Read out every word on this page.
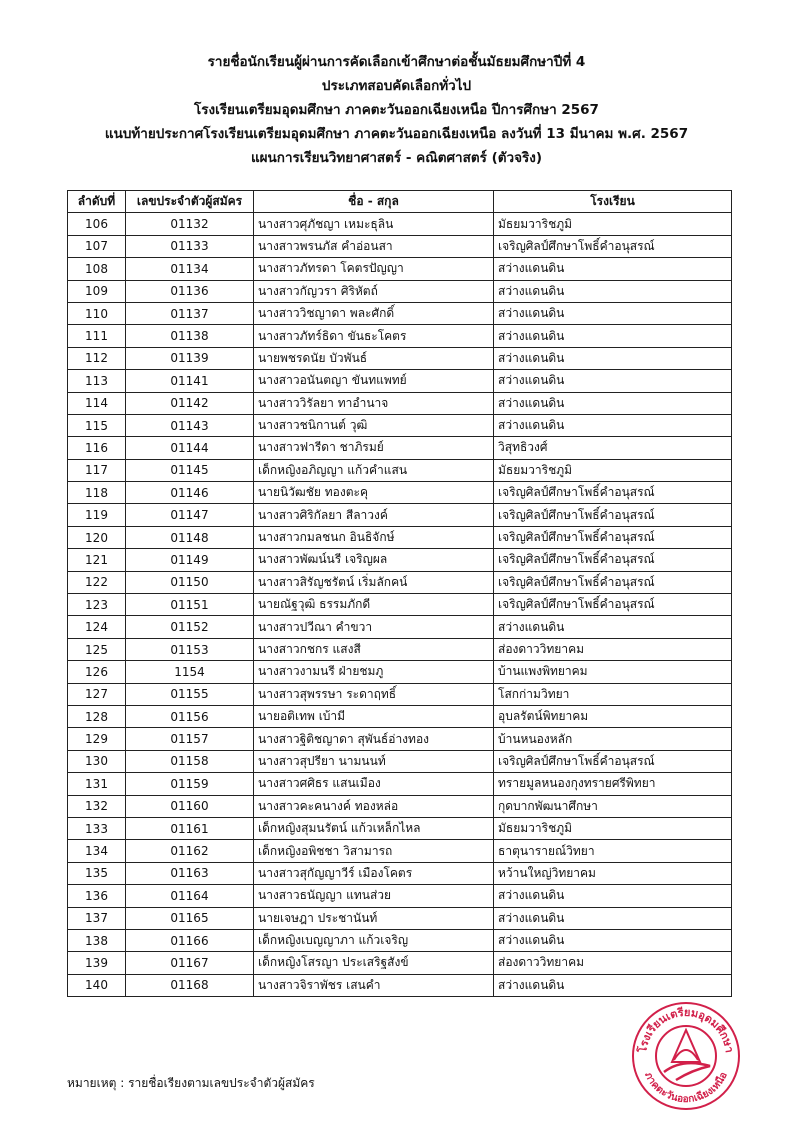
รายชื่อนักเรียนผู้ผ่านการคัดเลือกเข้าศึกษาต่อชั้นมัธยมศึกษาปีที่ 4
ประเภทสอบคัดเลือกทั่วไป
โรงเรียนเตรียมอุดมศึกษา ภาคตะวันออกเฉียงเหนือ ปีการศึกษา 2567
แนบท้ายประกาศโรงเรียนเตรียมอุดมศึกษา ภาคตะวันออกเฉียงเหนือ ลงวันที่ 13 มีนาคม พ.ศ. 2567
แผนการเรียนวิทยาศาสตร์ - คณิตศาสตร์ (ตัวจริง)
ลำดับที่	เลขประจำตัวผู้สมัคร	ชื่อ - สกุล	โรงเรียน
106	01132	นางสาวศุภัชญา เหมะธุลิน	มัธยมวาริชภูมิ
107	01133	นางสาวพรนภัส คำอ่อนสา	เจริญศิลป์ศึกษาโพธิ์คำอนุสรณ์
108	01134	นางสาวภัทรดา โคตรปัญญา	สว่างแดนดิน
109	01136	นางสาวกัญวรา ศิริหัตถ์	สว่างแดนดิน
110	01137	นางสาววิชญาดา พละศักดิ์	สว่างแดนดิน
111	01138	นางสาวภัทร์ธิดา ขันธะโคตร	สว่างแดนดิน
112	01139	นายพชรดนัย บัวพันธ์	สว่างแดนดิน
113	01141	นางสาวอนันตญา ขันทแพทย์	สว่างแดนดิน
114	01142	นางสาววิรัลยา ทาอำนาจ	สว่างแดนดิน
115	01143	นางสาวชนิกานต์ วุฒิ	สว่างแดนดิน
116	01144	นางสาวฟารีดา ชาภิรมย์	วิสุทธิวงศ์
117	01145	เด็กหญิงอภิญญา แก้วคำแสน	มัธยมวาริชภูมิ
118	01146	นายนิวัฒชัย ทองตะคุ	เจริญศิลป์ศึกษาโพธิ์คำอนุสรณ์
119	01147	นางสาวศิริกัลยา สีลาวงค์	เจริญศิลป์ศึกษาโพธิ์คำอนุสรณ์
120	01148	นางสาวกมลชนก อินธิจักษ์	เจริญศิลป์ศึกษาโพธิ์คำอนุสรณ์
121	01149	นางสาวพัฒน์นรี เจริญผล	เจริญศิลป์ศึกษาโพธิ์คำอนุสรณ์
122	01150	นางสาวสิรัญชรัตน์ เริ่มลักคน์	เจริญศิลป์ศึกษาโพธิ์คำอนุสรณ์
123	01151	นายณัฐวุฒิ ธรรมภักดี	เจริญศิลป์ศึกษาโพธิ์คำอนุสรณ์
124	01152	นางสาวปวีณา คำขวา	สว่างแดนดิน
125	01153	นางสาวกชกร แสงสี	ส่องดาววิทยาคม
126	1154	นางสาวงามนรี ฝ่ายชมภู	บ้านแพงพิทยาคม
127	01155	นางสาวสุพรรษา ระดาฤทธิ์	โสกก่ามวิทยา
128	01156	นายอติเทพ เบ้ามี	อุบลรัตน์พิทยาคม
129	01157	นางสาวฐิติชญาดา สุพันธ์อ่างทอง	บ้านหนองหลัก
130	01158	นางสาวสุปรียา นามนนท์	เจริญศิลป์ศึกษาโพธิ์คำอนุสรณ์
131	01159	นางสาวศศิธร แสนเมือง	ทรายมูลหนองกุงทรายศรีพิทยา
132	01160	นางสาวคะคนางค์ ทองหล่อ	กุดบากพัฒนาศึกษา
133	01161	เด็กหญิงสุมนรัตน์ แก้วเหล็กไหล	มัธยมวาริชภูมิ
134	01162	เด็กหญิงอพิชชา วิสามารถ	ธาตุนารายณ์วิทยา
135	01163	นางสาวสุกัญญาวีร์ เมืองโคตร	หว้านใหญ่วิทยาคม
136	01164	นางสาวธนัญญา แทนส่วย	สว่างแดนดิน
137	01165	นายเจษฎา ประชานันท์	สว่างแดนดิน
138	01166	เด็กหญิงเบญญาภา แก้วเจริญ	สว่างแดนดิน
139	01167	เด็กหญิงโสรญา ประเสริฐสังข์	ส่องดาววิทยาคม
140	01168	นางสาวจิราพัชร เสนคำ	สว่างแดนดิน
หมายเหตุ : รายชื่อเรียงตามเลขประจำตัวผู้สมัคร
โรงเรียนเตรียมอุดมศึกษา
ภาคตะวันออกเฉียงเหนือ
